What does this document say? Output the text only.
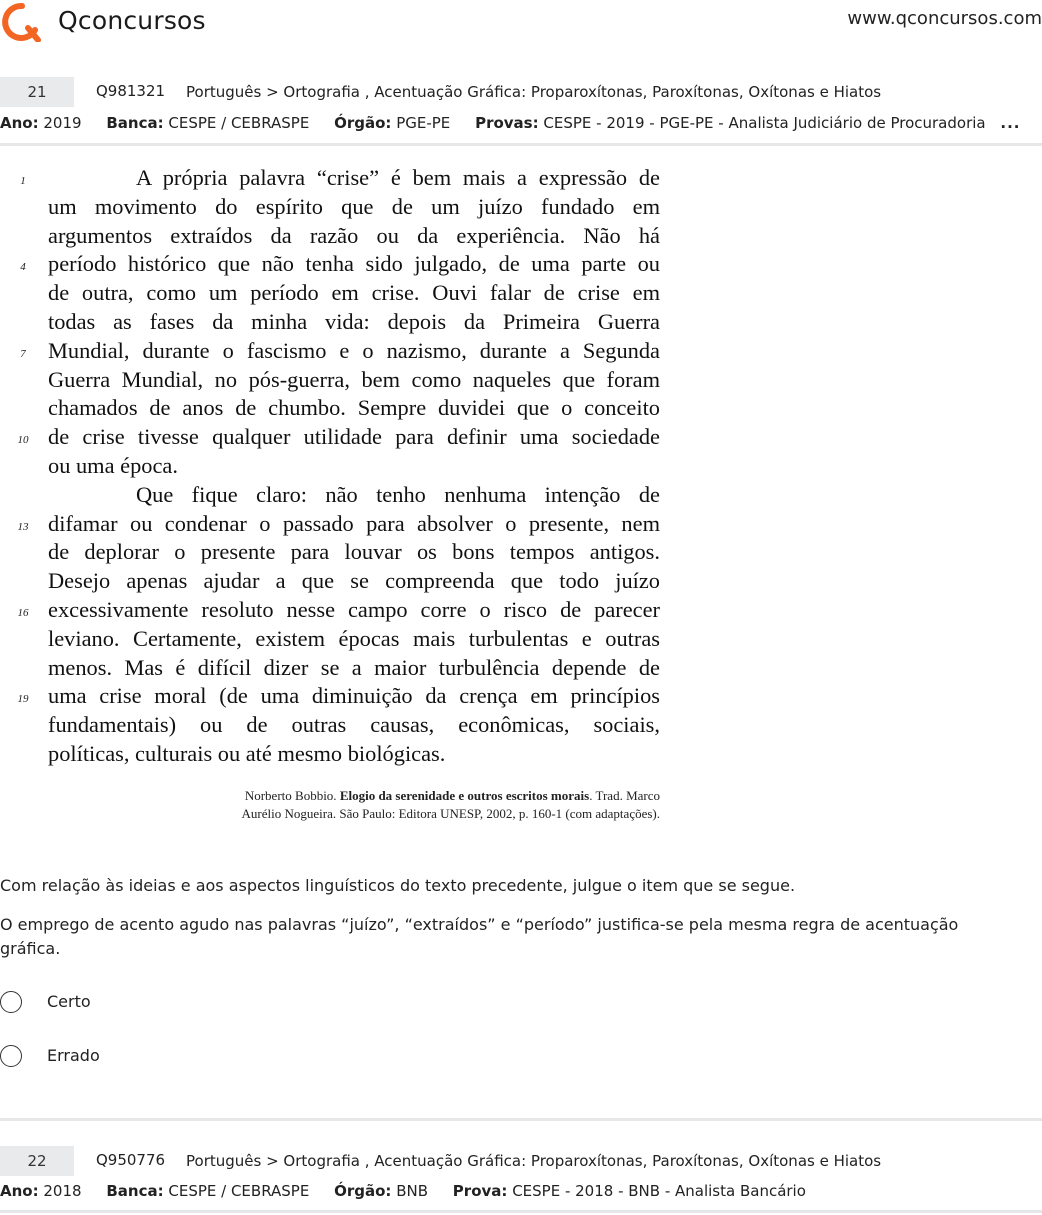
Qconcursos	www.qconcursos.com
21	Q981321 Português > Ortografia , Acentuação Gráfica: Proparoxítonas, Paroxítonas, Oxítonas e Hiatos
Ano: 2019 Banca: CESPE / CEBRASPE Órgão: PGE-PE Provas: CESPE - 2019 - PGE-PE - Analista Judiciário de Procuradoria ...
A própria palavra “crise” é bem mais a expressão de
1
um movimento do espírito que de um juízo fundado em
argumentos extraídos da razão ou da experiência. Não há
período histórico que não tenha sido julgado, de uma parte ou
4
de outra, como um período em crise. Ouvi falar de crise em
todas as fases da minha vida: depois da Primeira Guerra
Mundial, durante o fascismo e o nazismo, durante a Segunda
7
Guerra Mundial, no pós-guerra, bem como naqueles que foram
chamados de anos de chumbo. Sempre duvidei que o conceito
de crise tivesse qualquer utilidade para definir uma sociedade
10
ou uma época.
Que fique claro: não tenho nenhuma intenção de
difamar ou condenar o passado para absolver o presente, nem
13
de deplorar o presente para louvar os bons tempos antigos.
Desejo apenas ajudar a que se compreenda que todo juízo
excessivamente resoluto nesse campo corre o risco de parecer
16
leviano. Certamente, existem épocas mais turbulentas e outras
menos. Mas é difícil dizer se a maior turbulência depende de
uma crise moral (de uma diminuição da crença em princípios
19
fundamentais) ou de outras causas, econômicas, sociais,
políticas, culturais ou até mesmo biológicas.
Norberto Bobbio. Elogio da serenidade e outros escritos morais. Trad. Marco
Aurélio Nogueira. São Paulo: Editora UNESP, 2002, p. 160-1 (com adaptações).
Com relação às ideias e aos aspectos linguísticos do texto precedente, julgue o item que se segue.
O emprego de acento agudo nas palavras “juízo”, “extraídos” e “período” justifica-se pela mesma regra de acentuação gráfica.
Certo
Errado
22	Q950776 Português > Ortografia , Acentuação Gráfica: Proparoxítonas, Paroxítonas, Oxítonas e Hiatos
Ano: 2018 Banca: CESPE / CEBRASPE Órgão: BNB Prova: CESPE - 2018 - BNB - Analista Bancário
